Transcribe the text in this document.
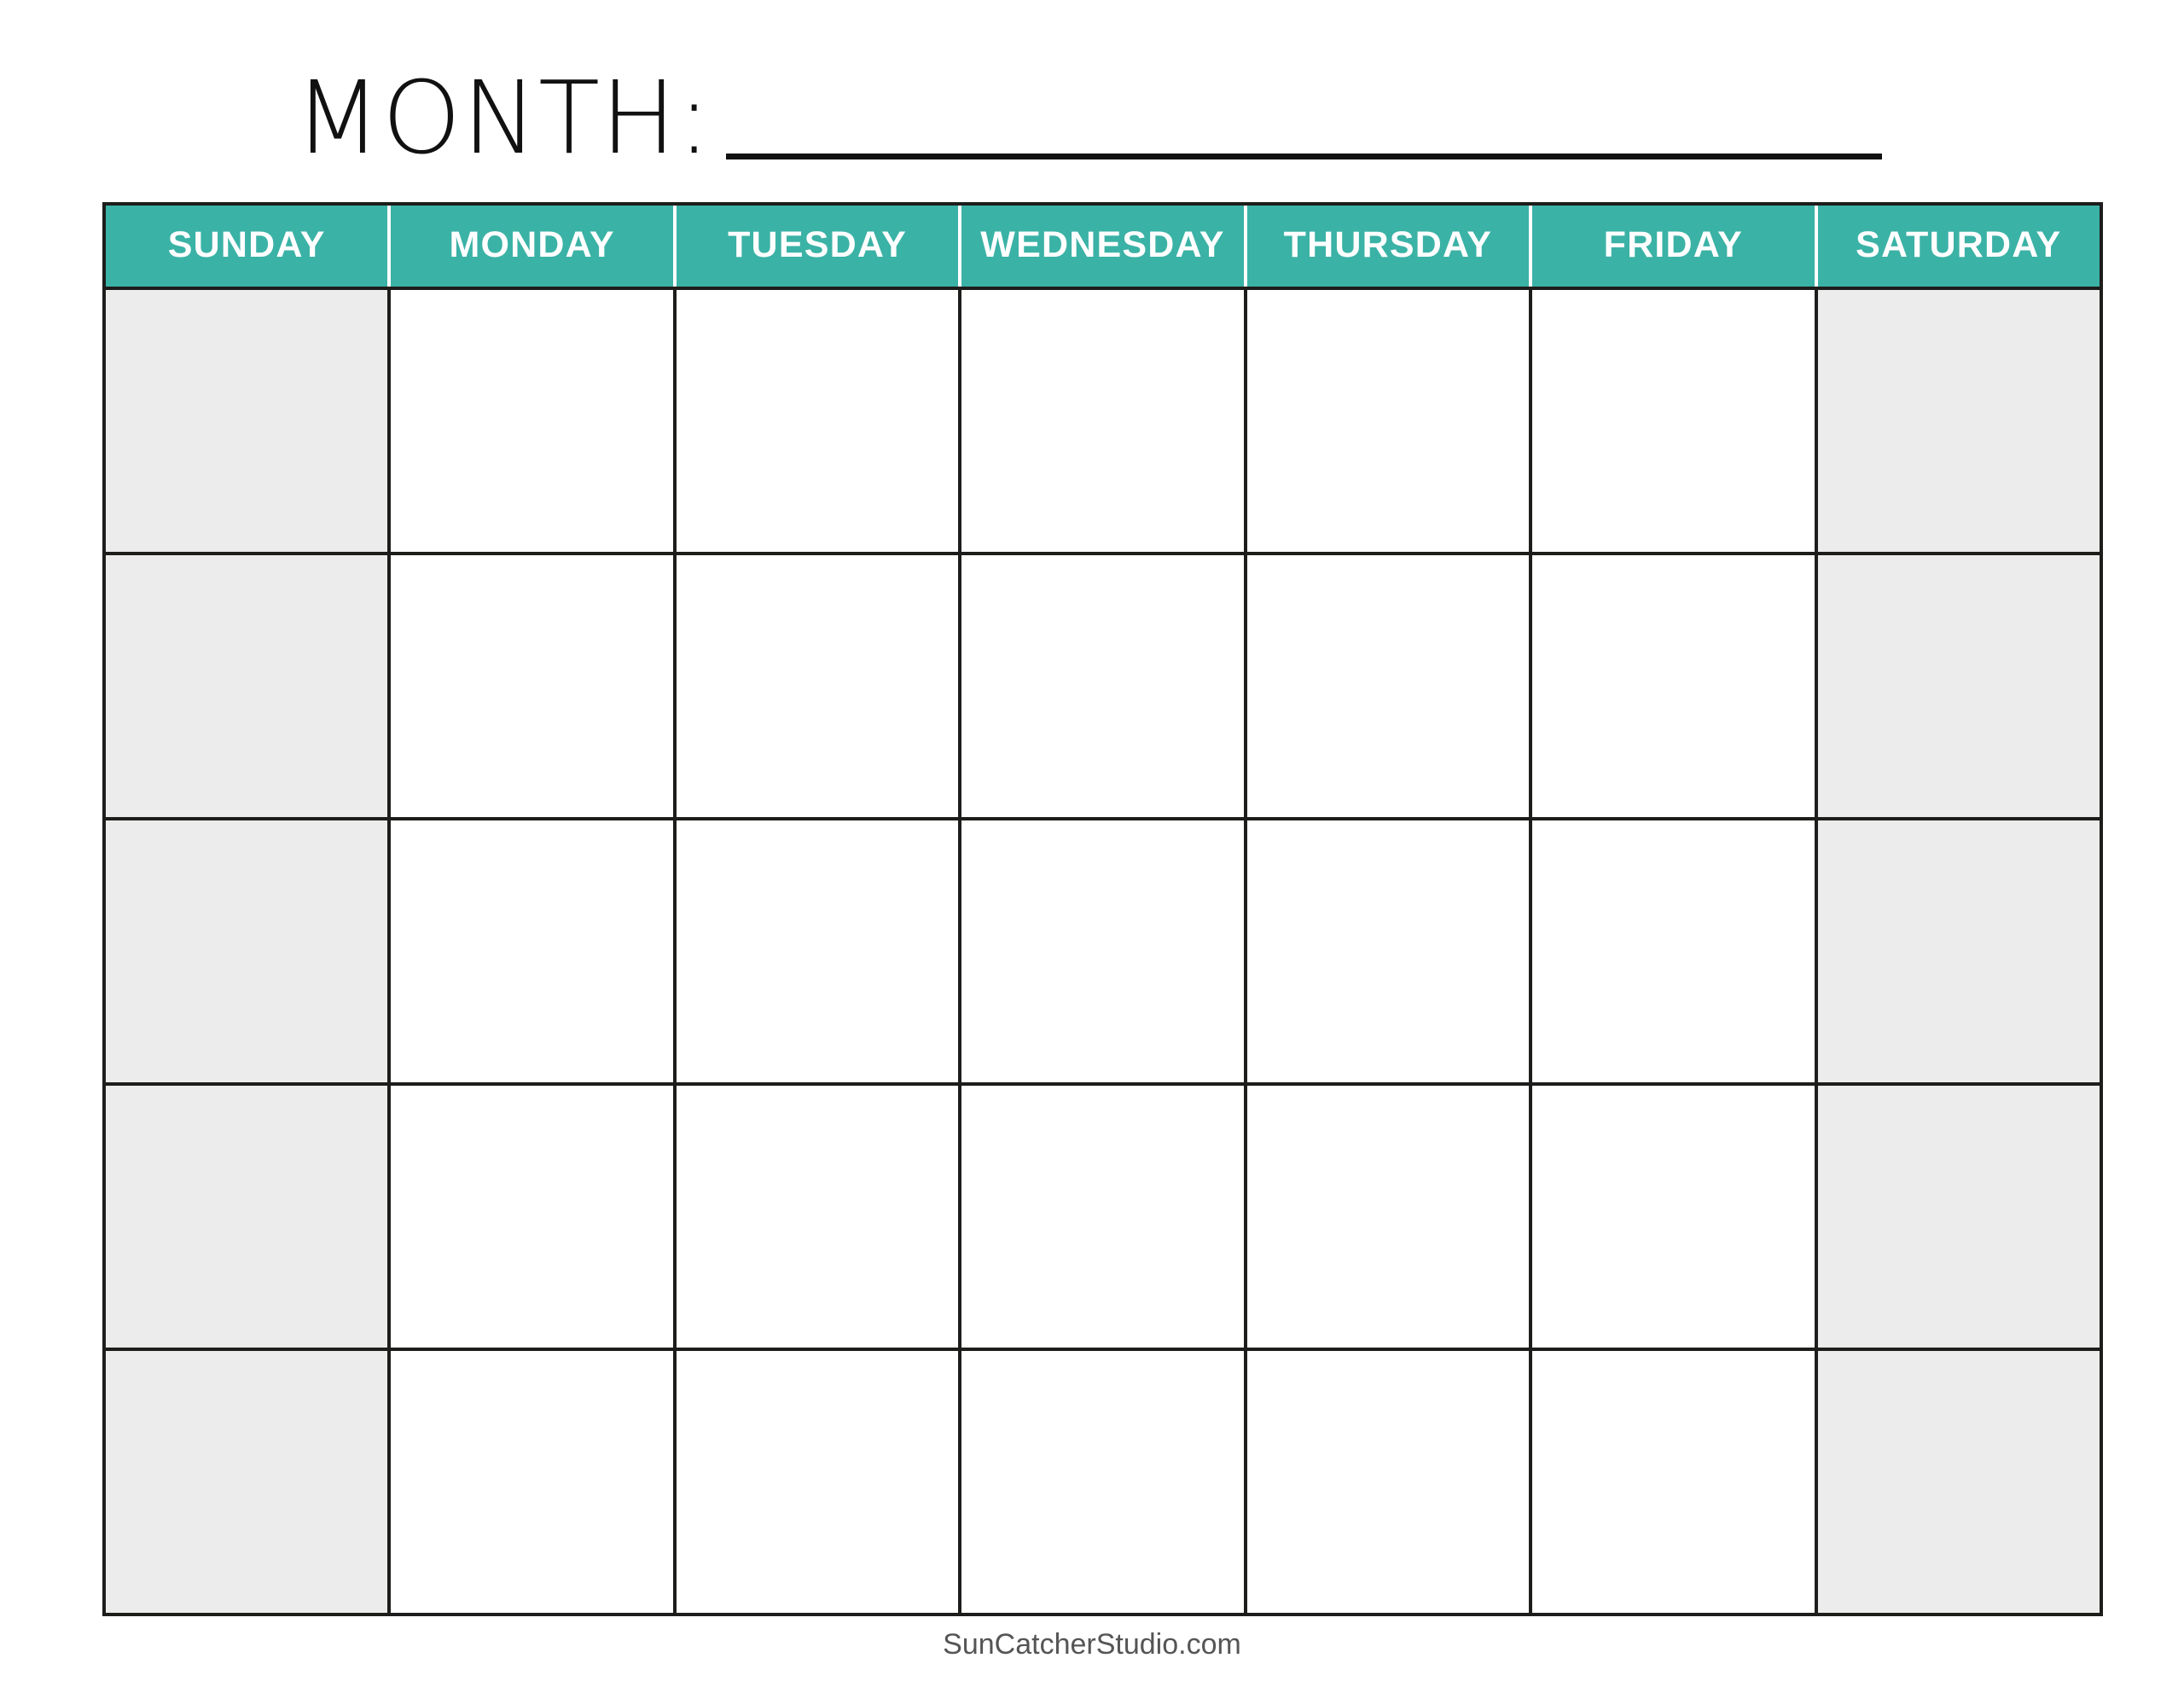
MONTH:
SUNDAY	MONDAY	TUESDAY	WEDNESDAY	THURSDAY	FRIDAY	SATURDAY
SunCatcherStudio.com
